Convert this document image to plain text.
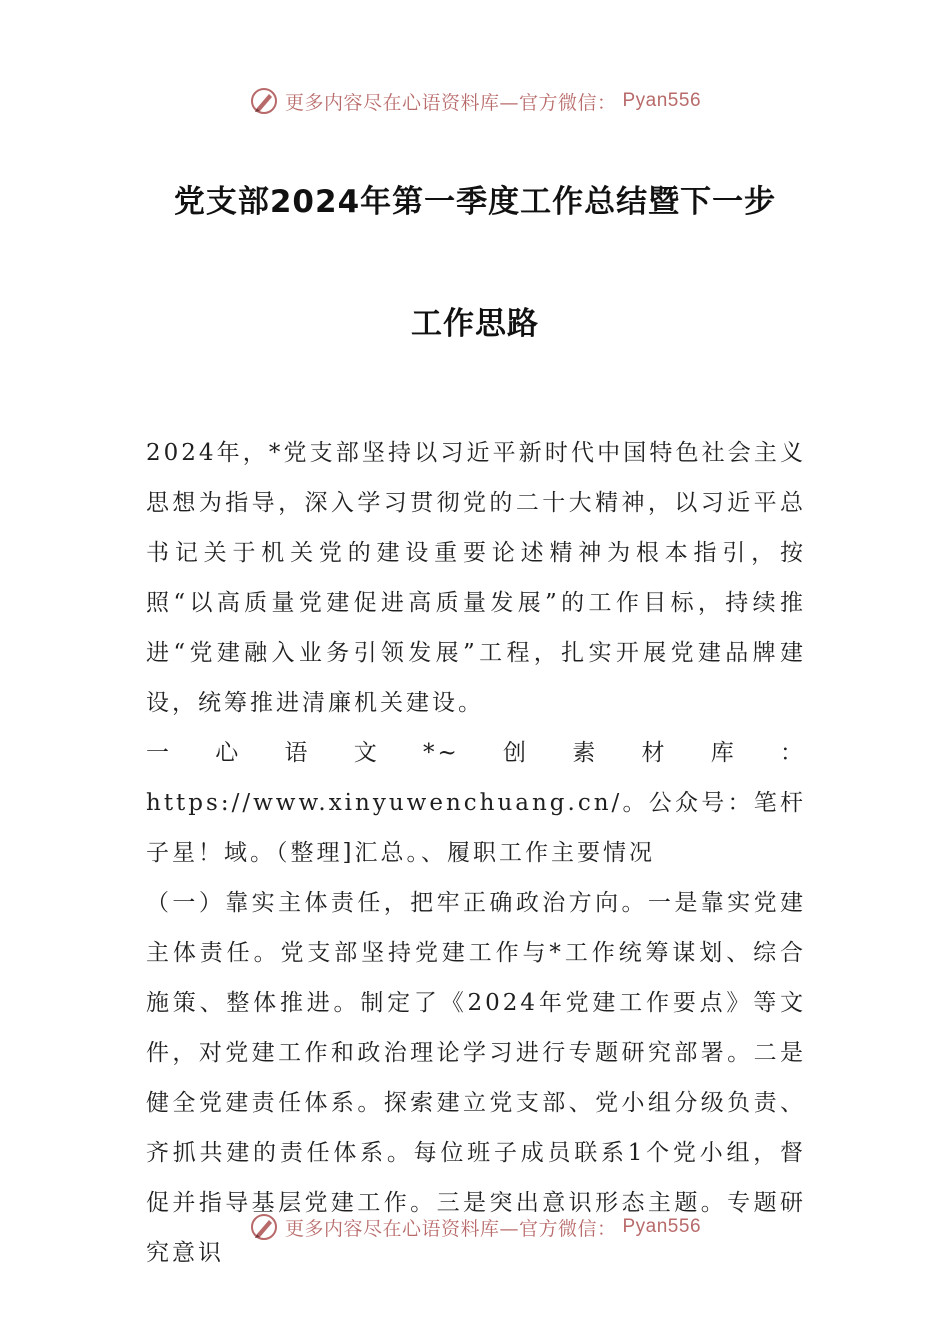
更多内容尽在心语资料库—官方微信： Pyan556
党支部2024年第一季度工作总结暨下一步
工作思路

2024年，*党支部坚持以习近平新时代中国特色社会主义思想为指导，深入学习贯彻党的二十大精神，以习近平总书记关于机关党的建设重要论述精神为根本指引，按照“以高质量党建促进高质量发展”的工作目标，持续推进“党建融入业务引领发展”工程，扎实开展党建品牌建设，统筹推进清廉机关建设。

一心语文*~创素材库：https://www.xinyuwenchuang.cn/。公众号：笔杆子星！域。（整理]汇总。、履职工作主要情况

（一）靠实主体责任，把牢正确政治方向。一是靠实党建主体责任。党支部坚持党建工作与*工作统筹谋划、综合施策、整体推进。制定了《2024年党建工作要点》等文件，对党建工作和政治理论学习进行专题研究部署。二是健全党建责任体系。探索建立党支部、党小组分级负责、齐抓共建的责任体系。每位班子成员联系1个党小组，督促并指导基层党建工作。三是突出意识形态主题。专题研究意识

更多内容尽在心语资料库—官方微信： Pyan556
